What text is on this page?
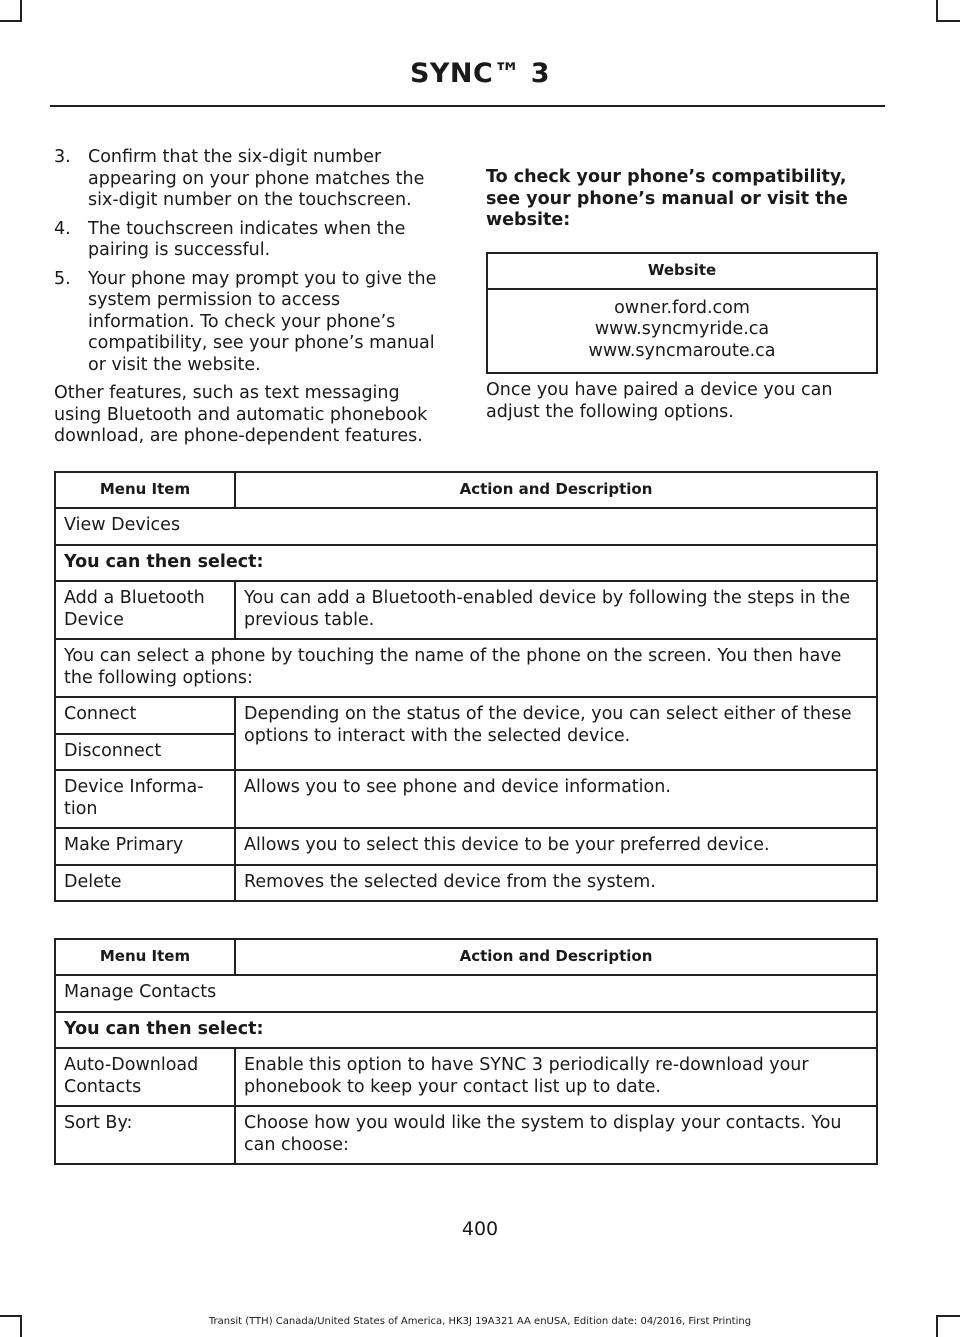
SYNC™ 3
3. Confirm that the six-digit number appearing on your phone matches the six-digit number on the touchscreen.
4. The touchscreen indicates when the pairing is successful.
5. Your phone may prompt you to give the system permission to access information. To check your phone’s compatibility, see your phone’s manual or visit the website.

Other features, such as text messaging using Bluetooth and automatic phonebook download, are phone-dependent features.

To check your phone’s compatibility, see your phone’s manual or visit the website:
Website

owner.ford.com
www.syncmyride.ca
www.syncmaroute.ca

Once you have paired a device you can adjust the following options.

Menu Item	Action and Description
View Devices	
You can then select:	
Add a Bluetooth Device	You can add a Bluetooth-enabled device by following the steps in the previous table.
You can select a phone by touching the name of the phone on the screen. You then have the following options:	
Connect	Depending on the status of the device, you can select either of these options to interact with the selected device.
Disconnect	
Device Informa-tion	Allows you to see phone and device information.
Make Primary	Allows you to select this device to be your preferred device.
Delete	Removes the selected device from the system.
Menu Item	Action and Description
Manage Contacts	
You can then select:	
Auto-Download Contacts	Enable this option to have SYNC 3 periodically re-download your phonebook to keep your contact list up to date.
Sort By:	Choose how you would like the system to display your contacts. You can choose:
400
Transit (TTH) Canada/United States of America, HK3J 19A321 AA enUSA, Edition date: 04/2016, First Printing
